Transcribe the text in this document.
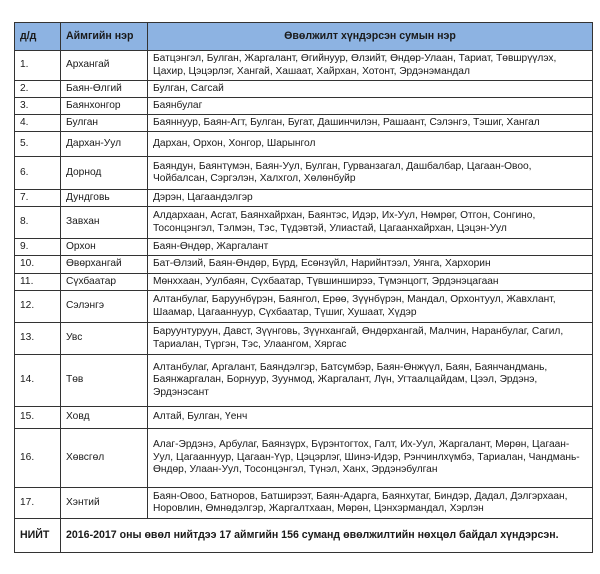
д/д	Аймгийн нэр	Өвөлжилт хүндэрсэн сумын нэр
1.	Архангай	Батцэнгэл, Булган, Жаргалант, Өгийнуур, Өлзийт, Өндөр-Улаан, Тариат, Төвшрүүлэх, Цахир, Цэцэрлэг, Хангай, Хашаат, Хайрхан, Хотонт, Эрдэнэмандал
2.	Баян-Өлгий	Булган, Сагсай
3.	Баянхонгор	Баянбулаг
4.	Булган	Баяннуур, Баян-Агт, Булган, Бугат, Дашинчилэн, Рашаант, Сэлэнгэ, Тэшиг, Хангал
5.	Дархан-Уул	Дархан, Орхон, Хонгор, Шарынгол
6.	Дорнод	Баяндун, Баянтүмэн, Баян-Уул, Булган, Гурванзагал, Дашбалбар, Цагаан-Овоо, Чойбалсан, Сэргэлэн, Халхгол, Хөлөнбуйр
7.	Дундговь	Дэрэн, Цагаандэлгэр
8.	Завхан	Алдархаан, Асгат, Баянхайрхан, Баянтэс, Идэр, Их-Уул, Нөмрөг, Отгон, Сонгино, Тосонцэнгэл, Тэлмэн, Тэс, Түдэвтэй, Улиастай, Цагаанхайрхан, Цэцэн-Уул
9.	Орхон	Баян-Өндөр, Жаргалант
10.	Өвөрхангай	Бат-Өлзий, Баян-Өндөр, Бүрд, Есөнзүйл, Нарийнтээл, Уянга, Хархорин
11.	Сүхбаатар	Мөнххаан, Уулбаян, Сүхбаатар, Түвшинширээ, Түмэнцогт, Эрдэнэцагаан
12.	Сэлэнгэ	Алтанбулаг, Баруунбүрэн, Баянгол, Ерөө, Зүүнбүрэн, Мандал, Орхонтуул, Жавхлант, Шаамар, Цагааннуур, Сүхбаатар, Түшиг, Хушаат, Хүдэр
13.	Увс	Баруунтуруун, Давст, Зүүнговь, Зүүнхангай, Өндөрхангай, Малчин, Наранбулаг, Сагил, Тариалан, Түргэн, Тэс, Улаангом, Хяргас
14.	Төв	Алтанбулаг, Аргалант, Баяндэлгэр, Батсүмбэр, Баян-Өнжүүл, Баян, Баянчандмань, Баянжаргалан, Борнуур, Зуунмод, Жаргалант, Лүн, Угтаалцайдам, Цээл, Эрдэнэ, Эрдэнэсант
15.	Ховд	Алтай, Булган, Үенч
16.	Хөвсгөл	Алаг-Эрдэнэ, Арбулаг, Баянзүрх, Бүрэнтогтох, Галт, Их-Уул, Жаргалант, Мөрөн, Цагаан-Уул, Цагааннуур, Цагаан-Үүр, Цэцэрлэг, Шинэ-Идэр, Рэнчинлхүмбэ, Тариалан, Чандмань-Өндөр, Улаан-Уул, Тосонцэнгэл, Түнэл, Ханх, Эрдэнэбулган
17.	Хэнтий	Баян-Овоо, Батноров, Батширээт, Баян-Адарга, Баянхутаг, Биндэр, Дадал, Дэлгэрхаан, Норовлин, Өмнөдэлгэр, Жаргалтхаан, Мөрөн, Цэнхэрмандал, Хэрлэн
НИЙТ	2016-2017 оны өвөл нийтдээ 17 аймгийн 156 суманд өвөлжилтийн нөхцөл байдал хүндэрсэн.	
